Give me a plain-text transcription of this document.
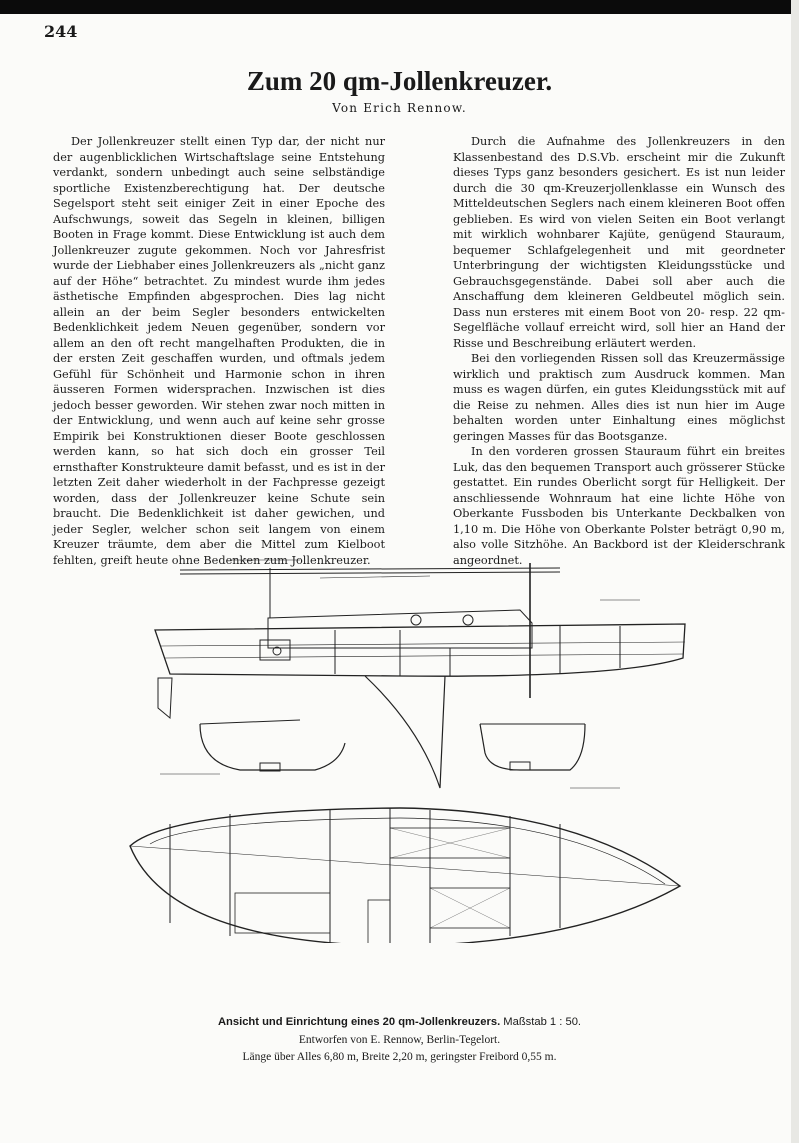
244
Zum 20 qm-Jollenkreuzer.
Von Erich Rennow.

Der Jollenkreuzer stellt einen Typ dar, der nicht nur der augenblicklichen Wirtschaftslage seine Entstehung verdankt, sondern unbedingt auch seine selbständige sportliche Existenzberechtigung hat. Der deutsche Segelsport steht seit einiger Zeit in einer Epoche des Aufschwungs, soweit das Segeln in kleinen, billigen Booten in Frage kommt. Diese Entwicklung ist auch dem Jollenkreuzer zugute gekommen. Noch vor Jahresfrist wurde der Liebhaber eines Jollenkreuzers als „nicht ganz auf der Höhe“ betrachtet. Zu mindest wurde ihm jedes ästhetische Empfinden abgesprochen. Dies lag nicht allein an der beim Segler besonders entwickelten Bedenklichkeit jedem Neuen gegenüber, sondern vor allem an den oft recht mangelhaften Produkten, die in der ersten Zeit geschaffen wurden, und oftmals jedem Gefühl für Schönheit und Harmonie schon in ihren äusseren Formen widersprachen. Inzwischen ist dies jedoch besser geworden. Wir stehen zwar noch mitten in der Entwicklung, und wenn auch auf keine sehr grosse Empirik bei Konstruktionen dieser Boote geschlossen werden kann, so hat sich doch ein grosser Teil ernsthafter Konstrukteure damit befasst, und es ist in der letzten Zeit daher wiederholt in der Fachpresse gezeigt worden, dass der Jollenkreuzer keine Schute sein braucht. Die Bedenklichkeit ist daher gewichen, und jeder Segler, welcher schon seit langem von einem Kreuzer träumte, dem aber die Mittel zum Kielboot fehlten, greift heute ohne Bedenken zum Jollenkreuzer.

Durch die Aufnahme des Jollenkreuzers in den Klassenbestand des D.S.Vb. erscheint mir die Zukunft dieses Typs ganz besonders gesichert. Es ist nun leider durch die 30 qm-Kreuzerjollenklasse ein Wunsch des Mitteldeutschen Seglers nach einem kleineren Boot offen geblieben. Es wird von vielen Seiten ein Boot verlangt mit wirklich wohnbarer Kajüte, genügend Stauraum, bequemer Schlafgelegenheit und mit geordneter Unterbringung der wichtigsten Kleidungsstücke und Gebrauchsgegenstände. Dabei soll aber auch die Anschaffung dem kleineren Geldbeutel möglich sein. Dass nun ersteres mit einem Boot von 20- resp. 22 qm-Segelfläche vollauf erreicht wird, soll hier an Hand der Risse und Beschreibung erläutert werden.

Bei den vorliegenden Rissen soll das Kreuzermässige wirklich und praktisch zum Ausdruck kommen. Man muss es wagen dürfen, ein gutes Kleidungsstück mit auf die Reise zu nehmen. Alles dies ist nun hier im Auge behalten worden unter Einhaltung eines möglichst geringen Masses für das Bootsganze.

In den vorderen grossen Stauraum führt ein breites Luk, das den bequemen Transport auch grösserer Stücke gestattet. Ein rundes Oberlicht sorgt für Helligkeit. Der anschliessende Wohnraum hat eine lichte Höhe von Oberkante Fussboden bis Unterkante Deckbalken von 1,10 m. Die Höhe von Oberkante Polster beträgt 0,90 m, also volle Sitzhöhe. An Backbord ist der Kleiderschrank angeordnet.

Ansicht und Einrichtung eines 20 qm-Jollenkreuzers. Maßstab 1 : 50.
Entworfen von E. Rennow, Berlin-Tegelort.
Länge über Alles 6,80 m, Breite 2,20 m, geringster Freibord 0,55 m.
